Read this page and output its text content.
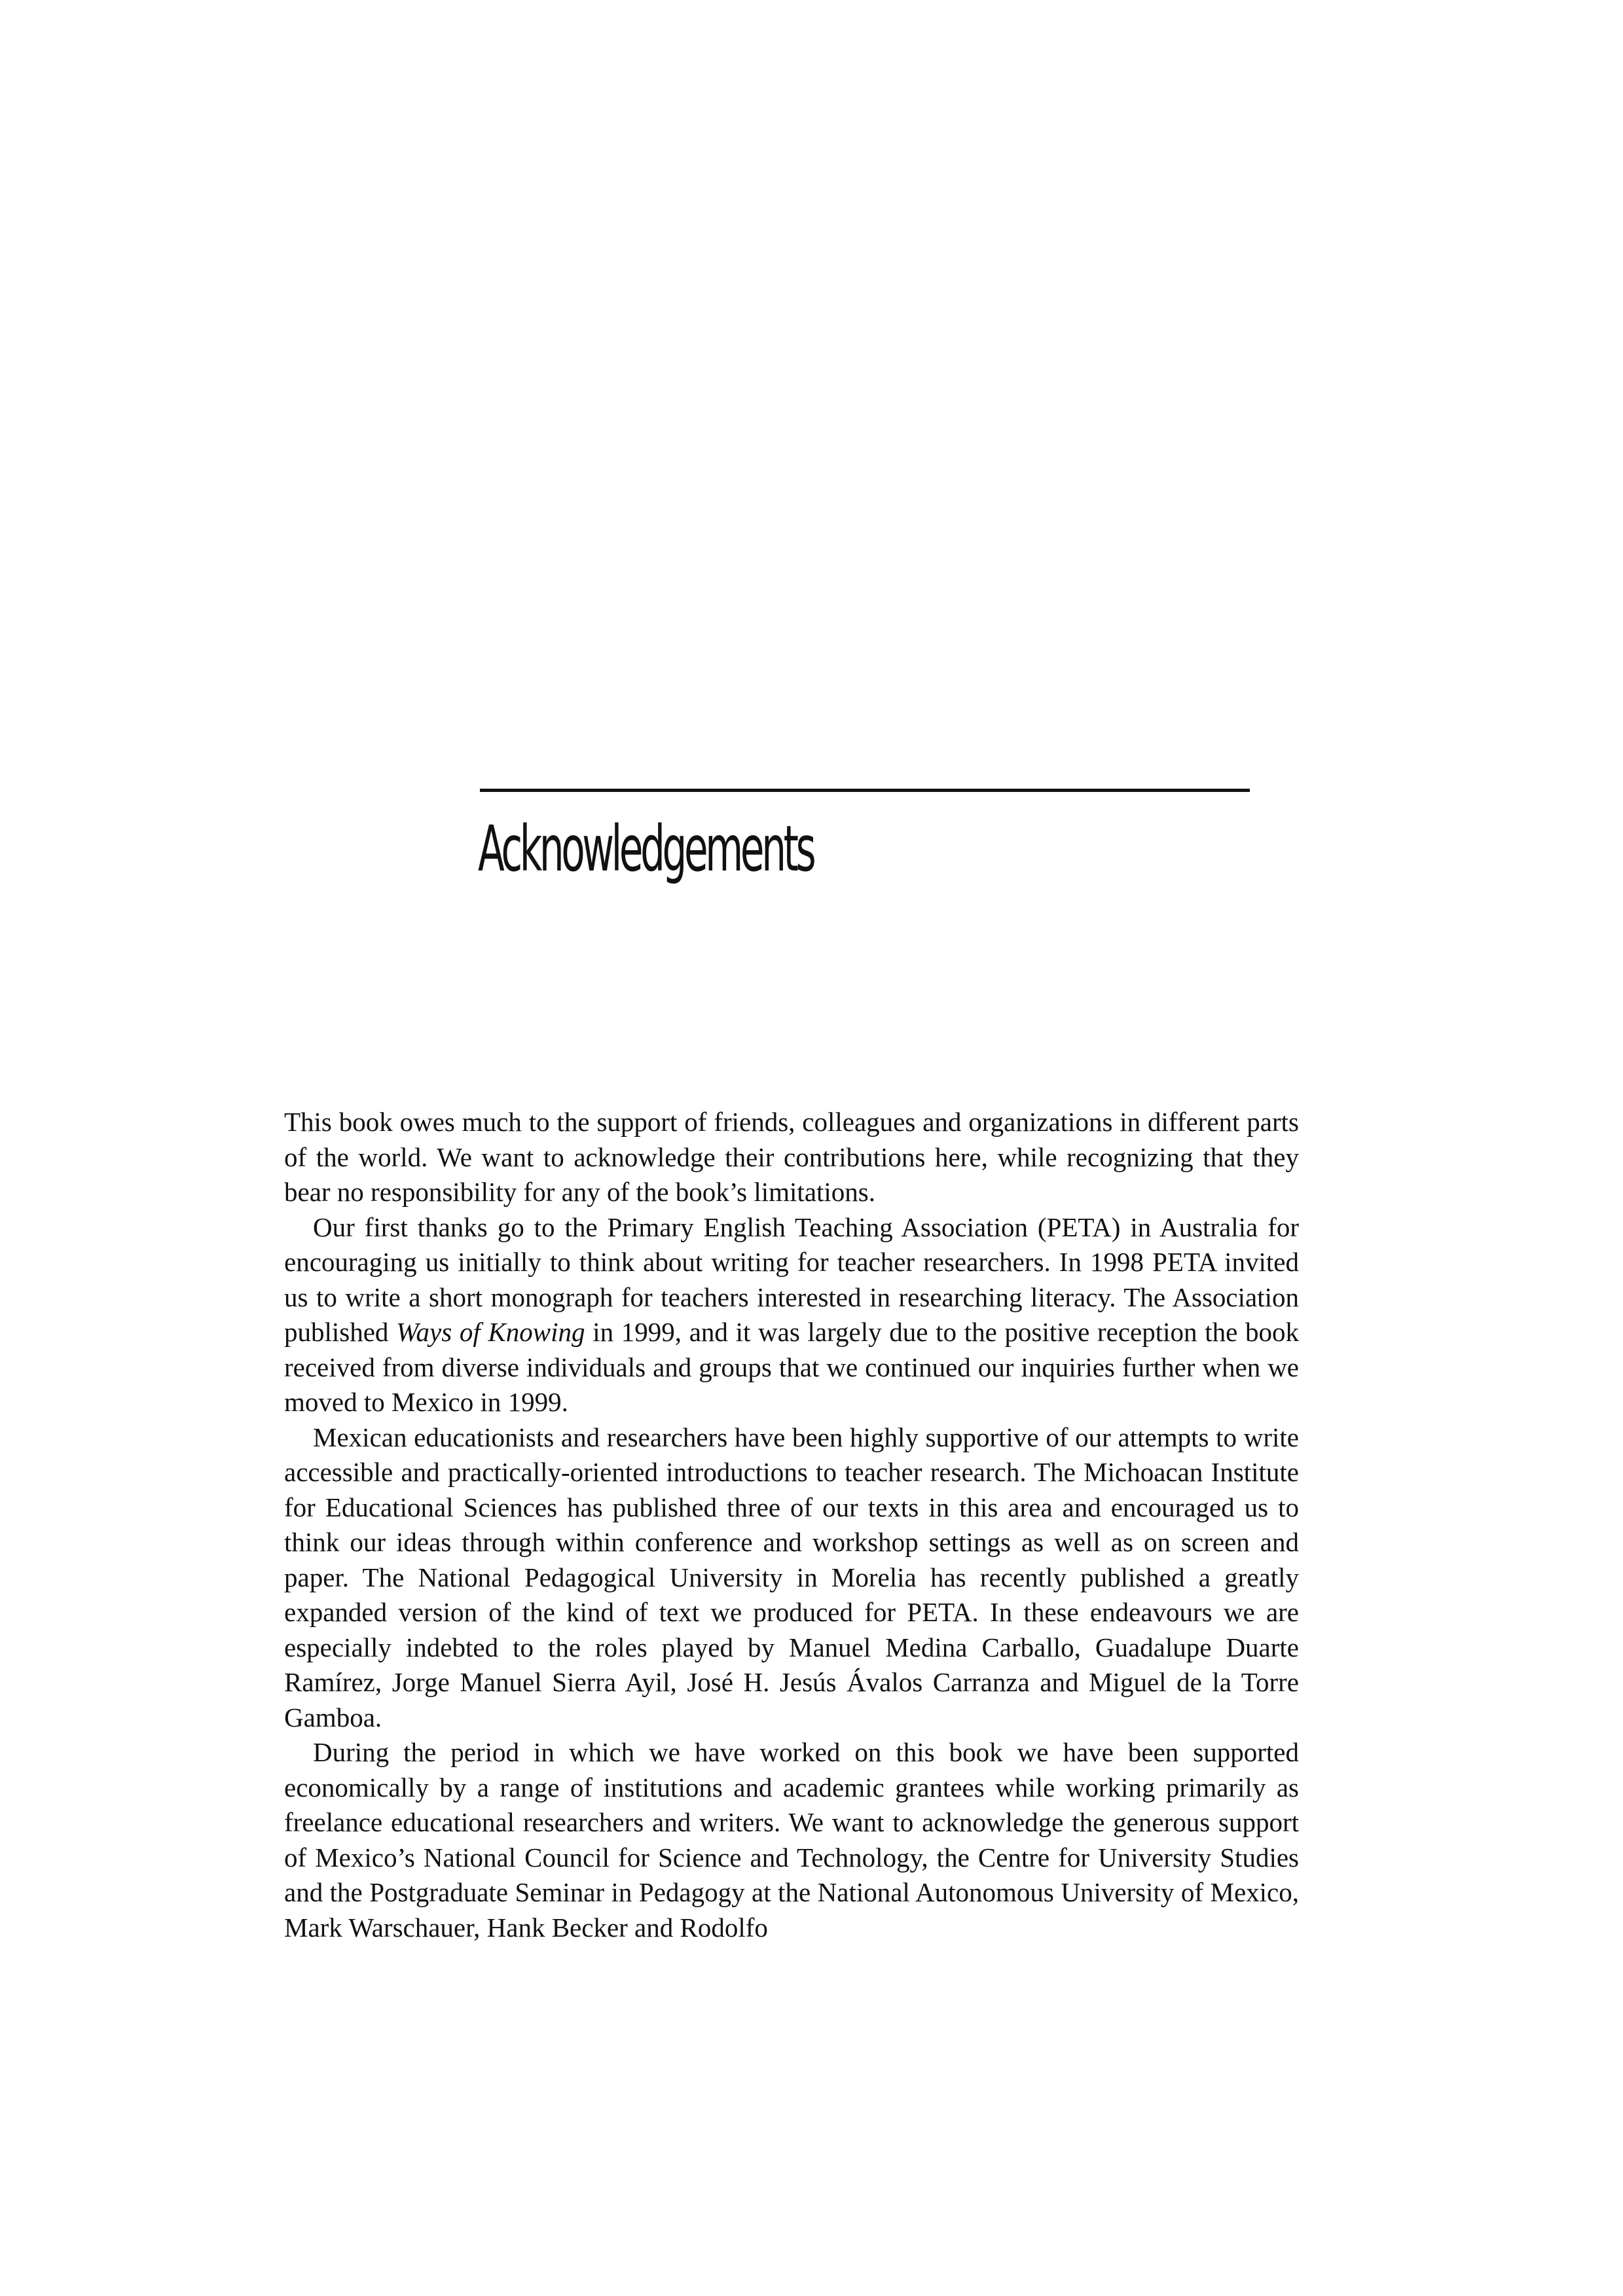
Acknowledgements

This book owes much to the support of friends, colleagues and organizations in different parts of the world. We want to acknowledge their contributions here, while recognizing that they bear no responsibility for any of the book’s limitations.

Our first thanks go to the Primary English Teaching Association (PETA) in Australia for encouraging us initially to think about writing for teacher researchers. In 1998 PETA invited us to write a short monograph for teachers interested in researching literacy. The Association published Ways of Knowing in 1999, and it was largely due to the positive reception the book received from diverse individuals and groups that we continued our inquiries further when we moved to Mexico in 1999.

Mexican educationists and researchers have been highly supportive of our attempts to write accessible and practically-oriented introductions to teacher research. The Michoacan Institute for Educational Sciences has published three of our texts in this area and encouraged us to think our ideas through within conference and workshop settings as well as on screen and paper. The National Pedagogical University in Morelia has recently published a greatly expanded version of the kind of text we produced for PETA. In these endeavours we are especially indebted to the roles played by Manuel Medina Carballo, Guadalupe Duarte Ramírez, Jorge Manuel Sierra Ayil, José H. Jesús Ávalos Carranza and Miguel de la Torre Gamboa.

During the period in which we have worked on this book we have been supported economically by a range of institutions and academic grantees while working primarily as freelance educational researchers and writers. We want to acknowledge the generous support of Mexico’s National Council for Science and Technology, the Centre for University Studies and the Postgraduate Seminar in Pedagogy at the National Autonomous University of Mexico, Mark Warschauer, Hank Becker and Rodolfo
